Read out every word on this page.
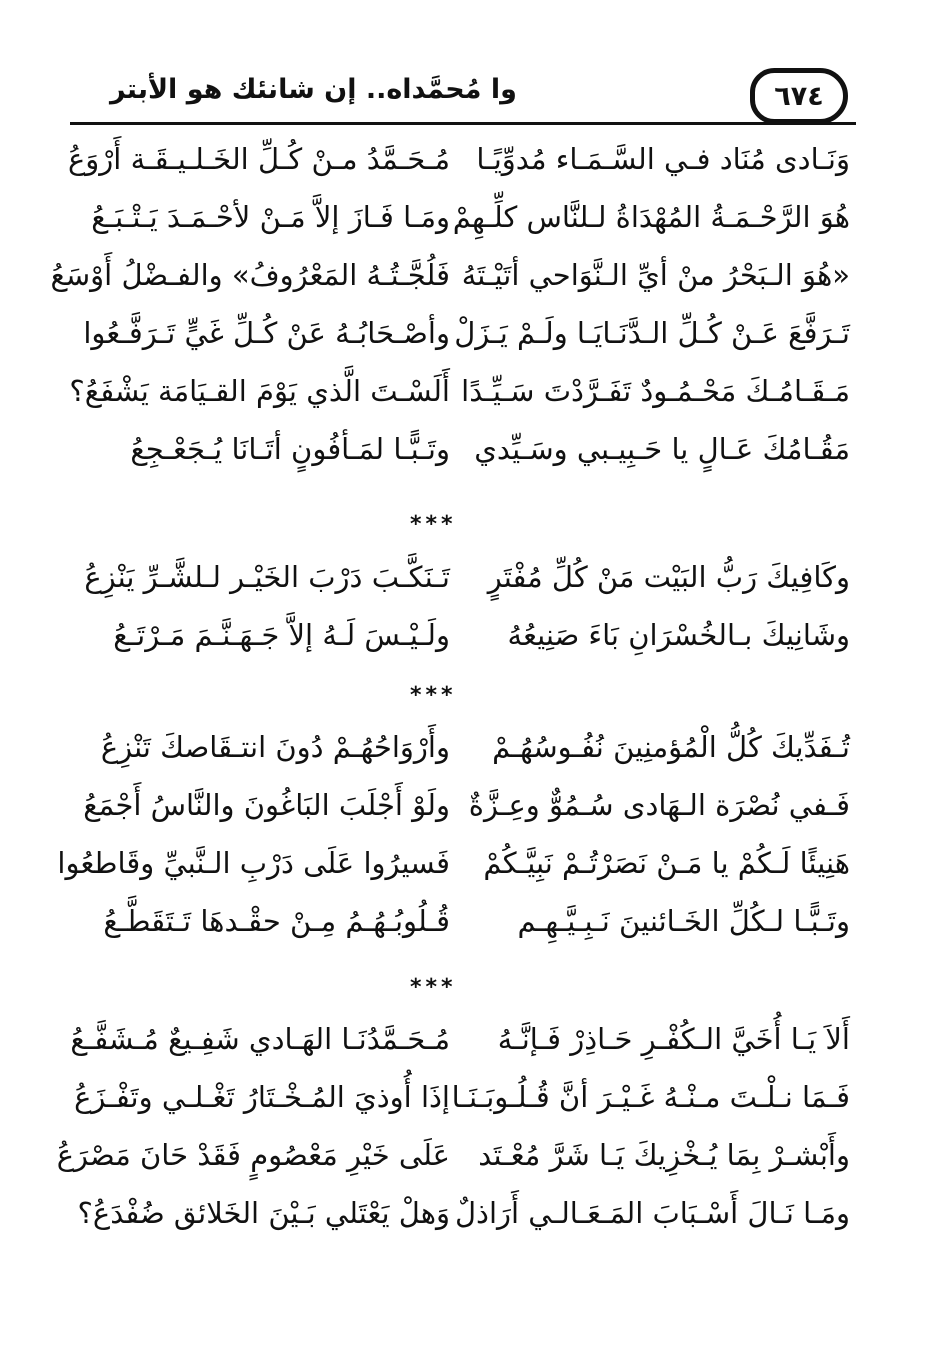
وا مُحمَّداه.. إن شانئك هو الأبتر	٦٧٤
وَنَـادى مُنَاد فـي السَّـمَـاء مُدوِّيًـا
مُـحَـمَّدُ مـنْ كُـلِّ الخَـلـيـقَـة أَرْوَعُ
هُوَ الرَّحْـمَـةُ المُهْدَاةُ لـلنَّاس كلِّـهِمْ
ومَـا فَـازَ إلاَّ مَـنْ لأحْـمَـدَ يَـتْـبَـعُ
«هُوَ الـبَحْرُ منْ أيِّ الـنَّوَاحي أتَيْـتَهُ
فَلُجَّـتُـهُ المَعْرُوفُ» والفـضْلُ أَوْسَعُ
تَـرَفَّعَ عَـنْ كُـلِّ الـدَّنَـايَـا ولَـمْ يَـزَلْ
وأصْـحَابُـهُ عَنْ كُـلِّ غَيٍّ تَـرَفَّـعُوا
مَـقَـامُـكَ مَحْـمُـودٌ تَفَـرَّدْتَ سَـيِّـدًا
أَلَسْـتَ الَّذي يَوْمَ القـيَامَة يَشْفَعُ؟
مَقُـامُكَ عَـالٍ يا حَـبِيـبي وسَـيِّدي
وتَـبًّـا لمَـأفُونٍ أتَـانَا يُـجَعْـجِعُ
***
وكَافِيكَ رَبُّ البَيْت مَنْ كُلِّ مُفْتَرٍ
تَـنَكَّـبَ دَرْبَ الخَيْـر لـلشَّـرِّ يَنْزِعُ
وشَانِيكَ بـالخُسْرَانِ بَاءَ صَنِيعُهُ
ولَـيْـسَ لَـهُ إلاَّ جَـهَـنَّـمَ مَـرْتَـعُ
***
تُـفَدِّيكَ كُلُّ الْمُؤمنِينَ نُفُـوسُهُـمْ
وأَرْوَاحُهُـمْ دُونَ انتـقَاصكَ تَنْزِعُ
فَـفي نُصْرَة الـهَادى سُـمُوٌّ وعِـزَّةٌ
ولَوْ أَجْلَبَ البَاغُونَ والنَّاسُ أَجْمَعُ
هَنِيئًا لَـكُمْ يا مَـنْ نَصَرْتُـمْ نَبِيَّـكُمْ
فَسيرُوا عَلَى دَرْبِ الـنَّبيِّ وقَاطعُوا
وتَـبًّـا لـكُلِّ الخَـائنينَ نَـبِـيَّـهِـم
قُـلُوبُـهُـمُ مِـنْ حقْـدهَا تَـتَقَطَّـعُ
***
أَلاَ يَـا أُخَيَّ الـكُفْـرِ حَـاذِرْ فَـإنَّـهُ
مُـحَـمَّدُنَـا الهَـادي شَفِـيعٌ مُـشَفَّـعُ
فَـمَا نـلْـتَ مـنْـهُ غَـيْـرَ أنَّ قُـلُـوبَـنَـا
إذَا أُوذيَ المُـخْـتَارُ تَغْـلـي وتَفْـزَعُ
وأَبْشـرْ بِمَا يُـخْزِيكَ يَـا شَرَّ مُعْـتَد
عَلَى خَيْرِ مَعْصُومٍ فَقَدْ حَانَ مَصْرَعُ
ومَـا نَـالَ أَسْـبَابَ المَـعَـالـي أَرَاذلٌ
وَهلْ يَعْتَلي بَـيْنَ الخَلائق ضُفْدَعُ؟
